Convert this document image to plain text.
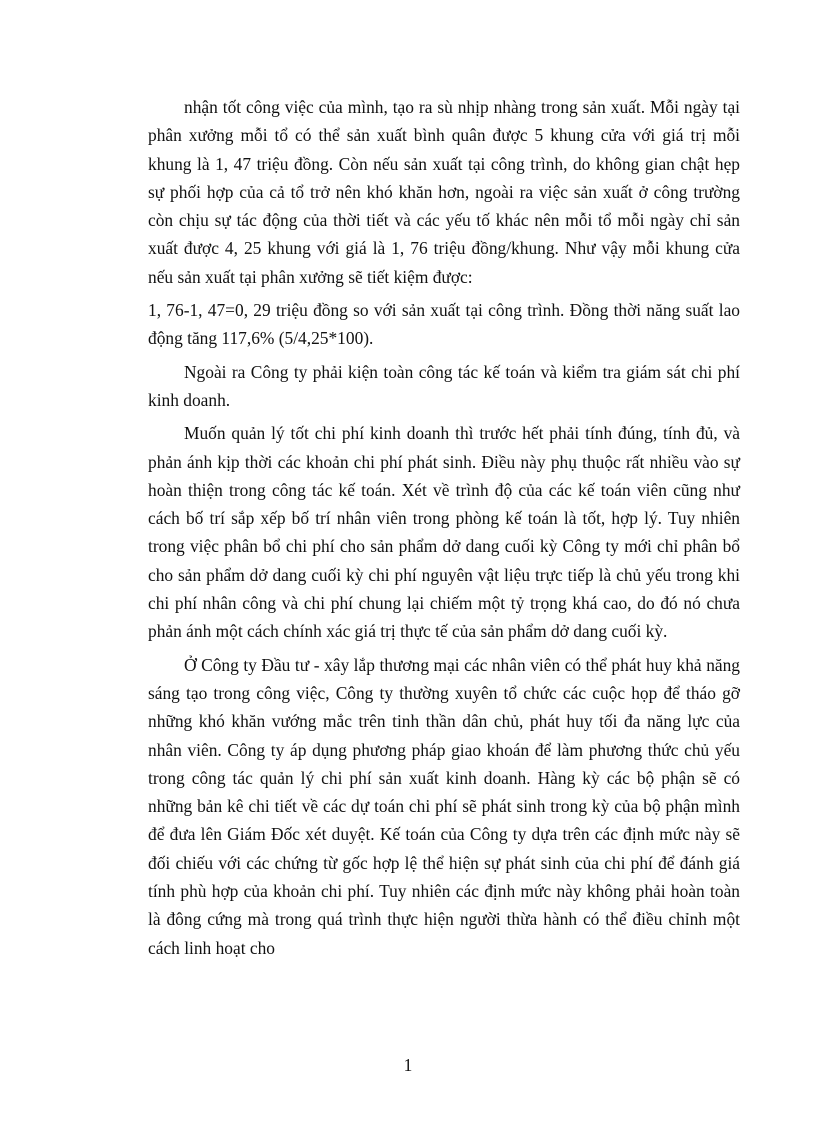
nhận tốt công việc của mình, tạo ra sù nhịp nhàng trong sản xuất. Mỗi ngày tại phân xưởng mỗi tổ có thể sản xuất bình quân được 5 khung cửa với giá trị mỗi khung là 1, 47 triệu đồng. Còn nếu sản xuất tại công trình, do không gian chật hẹp sự phối hợp của cả tổ trở nên khó khăn hơn, ngoài ra việc sản xuất ở công trường còn chịu sự tác động của thời tiết và các yếu tố khác nên mỗi tổ mỗi ngày chỉ sản xuất được 4, 25 khung với giá là 1, 76 triệu đồng/khung. Như vậy mỗi khung cửa nếu sản xuất tại phân xưởng sẽ tiết kiệm được:

1, 76-1, 47=0, 29 triệu đồng so với sản xuất tại công trình. Đồng thời năng suất lao động tăng 117,6% (5/4,25*100).

Ngoài ra Công ty phải kiện toàn công tác kế toán và kiểm tra giám sát chi phí kinh doanh.

Muốn quản lý tốt chi phí kinh doanh thì trước hết phải tính đúng, tính đủ, và phản ánh kịp thời các khoản chi phí phát sinh. Điều này phụ thuộc rất nhiều vào sự hoàn thiện trong công tác kế toán. Xét về trình độ của các kế toán viên cũng như cách bố trí sắp xếp bố trí nhân viên trong phòng kế toán là tốt, hợp lý. Tuy nhiên trong việc phân bổ chi phí cho sản phẩm dở dang cuối kỳ Công ty mới chỉ phân bổ cho sản phẩm dở dang cuối kỳ chi phí nguyên vật liệu trực tiếp là chủ yếu trong khi chi phí nhân công và chi phí chung lại chiếm một tỷ trọng khá cao, do đó nó chưa phản ánh một cách chính xác giá trị thực tế của sản phẩm dở dang cuối kỳ.

Ở Công ty Đầu tư - xây lắp thương mại các nhân viên có thể phát huy khả năng sáng tạo trong công việc, Công ty thường xuyên tổ chức các cuộc họp để tháo gỡ những khó khăn vướng mắc trên tinh thần dân chủ, phát huy tối đa năng lực của nhân viên. Công ty áp dụng phương pháp giao khoán để làm phương thức chủ yếu trong công tác quản lý chi phí sản xuất kinh doanh. Hàng kỳ các bộ phận sẽ có những bản kê chi tiết về các dự toán chi phí sẽ phát sinh trong kỳ của bộ phận mình để đưa lên Giám Đốc xét duyệt. Kế toán của Công ty dựa trên các định mức này sẽ đối chiếu với các chứng từ gốc hợp lệ thể hiện sự phát sinh của chi phí để đánh giá tính phù hợp của khoản chi phí. Tuy nhiên các định mức này không phải hoàn toàn là đông cứng mà trong quá trình thực hiện người thừa hành có thể điều chỉnh một cách linh hoạt cho

1
